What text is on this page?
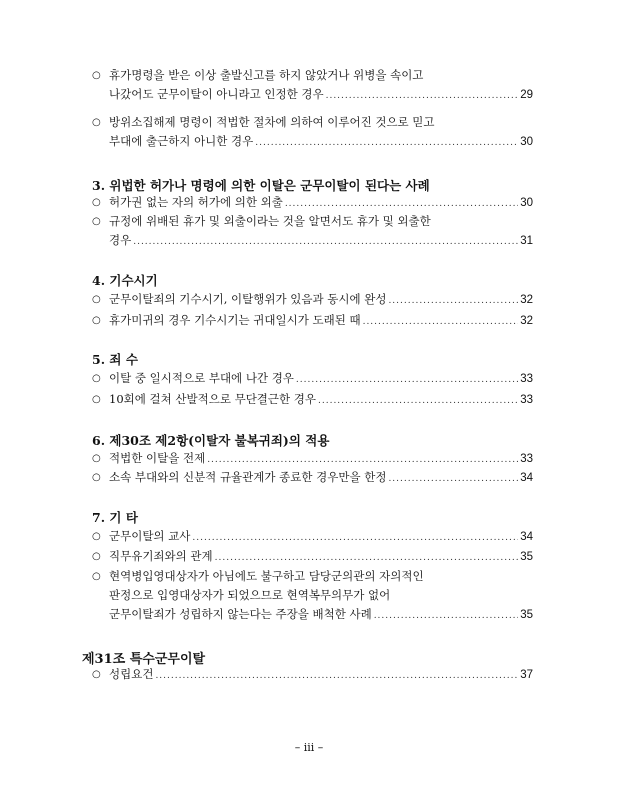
○ 휴가명령을 받은 이상 출발신고를 하지 않았거나 위병을 속이고
나갔어도 군무이탈이 아니라고 인정한 경우 .....	29
○ 방위소집해제 명령이 적법한 절차에 의하여 이루어진 것으로 믿고
부대에 출근하지 아니한 경우 .....	30
3. 위법한 허가나 명령에 의한 이탈은 군무이탈이 된다는 사례
○ 허가권 없는 자의 허가에 의한 외출 .....	30
○ 규정에 위배된 휴가 및 외출이라는 것을 알면서도 휴가 및 외출한
경우 .....	31
4. 기수시기
○ 군무이탈죄의 기수시기, 이탈행위가 있음과 동시에 완성 .....	32
○ 휴가미귀의 경우 기수시기는 귀대일시가 도래된 때 .....	32
5. 죄 수
○ 이탈 중 일시적으로 부대에 나간 경우 .....	33
○ 10회에 걸쳐 산발적으로 무단결근한 경우 .....	33
6. 제30조 제2항(이탈자 불복귀죄)의 적용
○ 적법한 이탈을 전제 .....	33
○ 소속 부대와의 신분적 규율관계가 종료한 경우만을 한정 .....	34
7. 기 타
○ 군무이탈의 교사 .....	34
○ 직무유기죄와의 관계 .....	35
○ 현역병입영대상자가 아님에도 불구하고 담당군의관의 자의적인
판정으로 입영대상자가 되었으므로 현역복무의무가 없어
군무이탈죄가 성립하지 않는다는 주장을 배척한 사례 .....	35
제31조 특수군무이탈
○ 성립요건 .....	37
– iii –
